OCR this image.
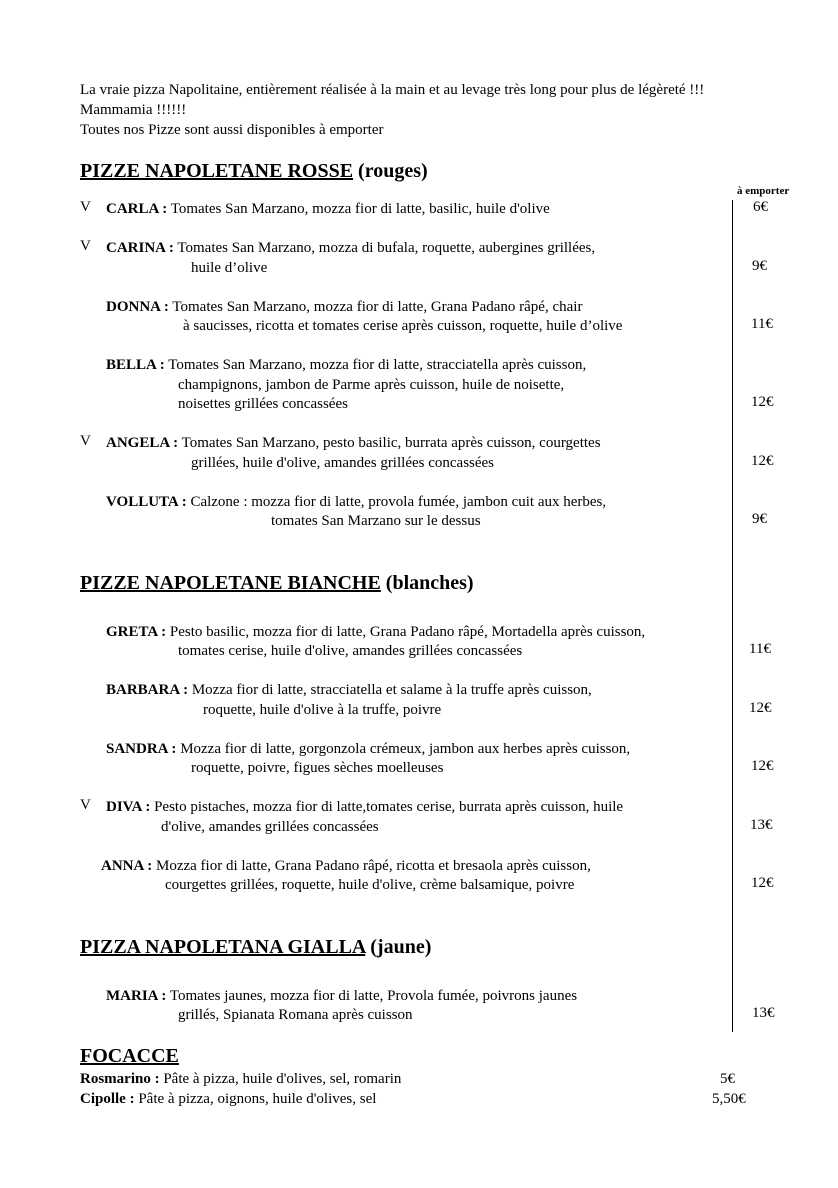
La vraie pizza Napolitaine, entièrement réalisée à la main et au levage très long pour plus de légèreté !!!
Mammamia !!!!!!
Toutes nos Pizze sont aussi disponibles à emporter
PIZZE NAPOLETANE ROSSE (rouges)
à emporter
V CARLA : Tomates San Marzano, mozza fior di latte, basilic, huile d'olive	6€
V CARINA : Tomates San Marzano, mozza di bufala, roquette, aubergines grillées,
huile d’olive	9€
DONNA : Tomates San Marzano, mozza fior di latte, Grana Padano râpé, chair
à saucisses, ricotta et tomates cerise après cuisson, roquette, huile d’olive	11€
BELLA : Tomates San Marzano, mozza fior di latte, stracciatella après cuisson,
champignons, jambon de Parme après cuisson, huile de noisette,
noisettes grillées concassées	12€
V ANGELA : Tomates San Marzano, pesto basilic, burrata après cuisson, courgettes
grillées, huile d'olive, amandes grillées concassées	12€
VOLLUTA : Calzone : mozza fior di latte, provola fumée, jambon cuit aux herbes,
tomates San Marzano sur le dessus	9€
PIZZE NAPOLETANE BIANCHE (blanches)
GRETA : Pesto basilic, mozza fior di latte, Grana Padano râpé, Mortadella après cuisson,
tomates cerise, huile d'olive, amandes grillées concassées	11€
BARBARA : Mozza fior di latte, stracciatella et salame à la truffe après cuisson,
roquette, huile d'olive à la truffe, poivre	12€
SANDRA : Mozza fior di latte, gorgonzola crémeux, jambon aux herbes après cuisson,
roquette, poivre, figues sèches moelleuses	12€
V DIVA : Pesto pistaches, mozza fior di latte,tomates cerise, burrata après cuisson, huile
d'olive, amandes grillées concassées	13€
ANNA : Mozza fior di latte, Grana Padano râpé, ricotta et bresaola après cuisson,
courgettes grillées, roquette, huile d'olive, crème balsamique, poivre	12€
PIZZA NAPOLETANA GIALLA (jaune)
MARIA : Tomates jaunes, mozza fior di latte, Provola fumée, poivrons jaunes
grillés, Spianata Romana après cuisson	13€
FOCACCE
Rosmarino : Pâte à pizza, huile d'olives, sel, romarin	5€
Cipolle : Pâte à pizza, oignons, huile d'olives, sel	5,50€
